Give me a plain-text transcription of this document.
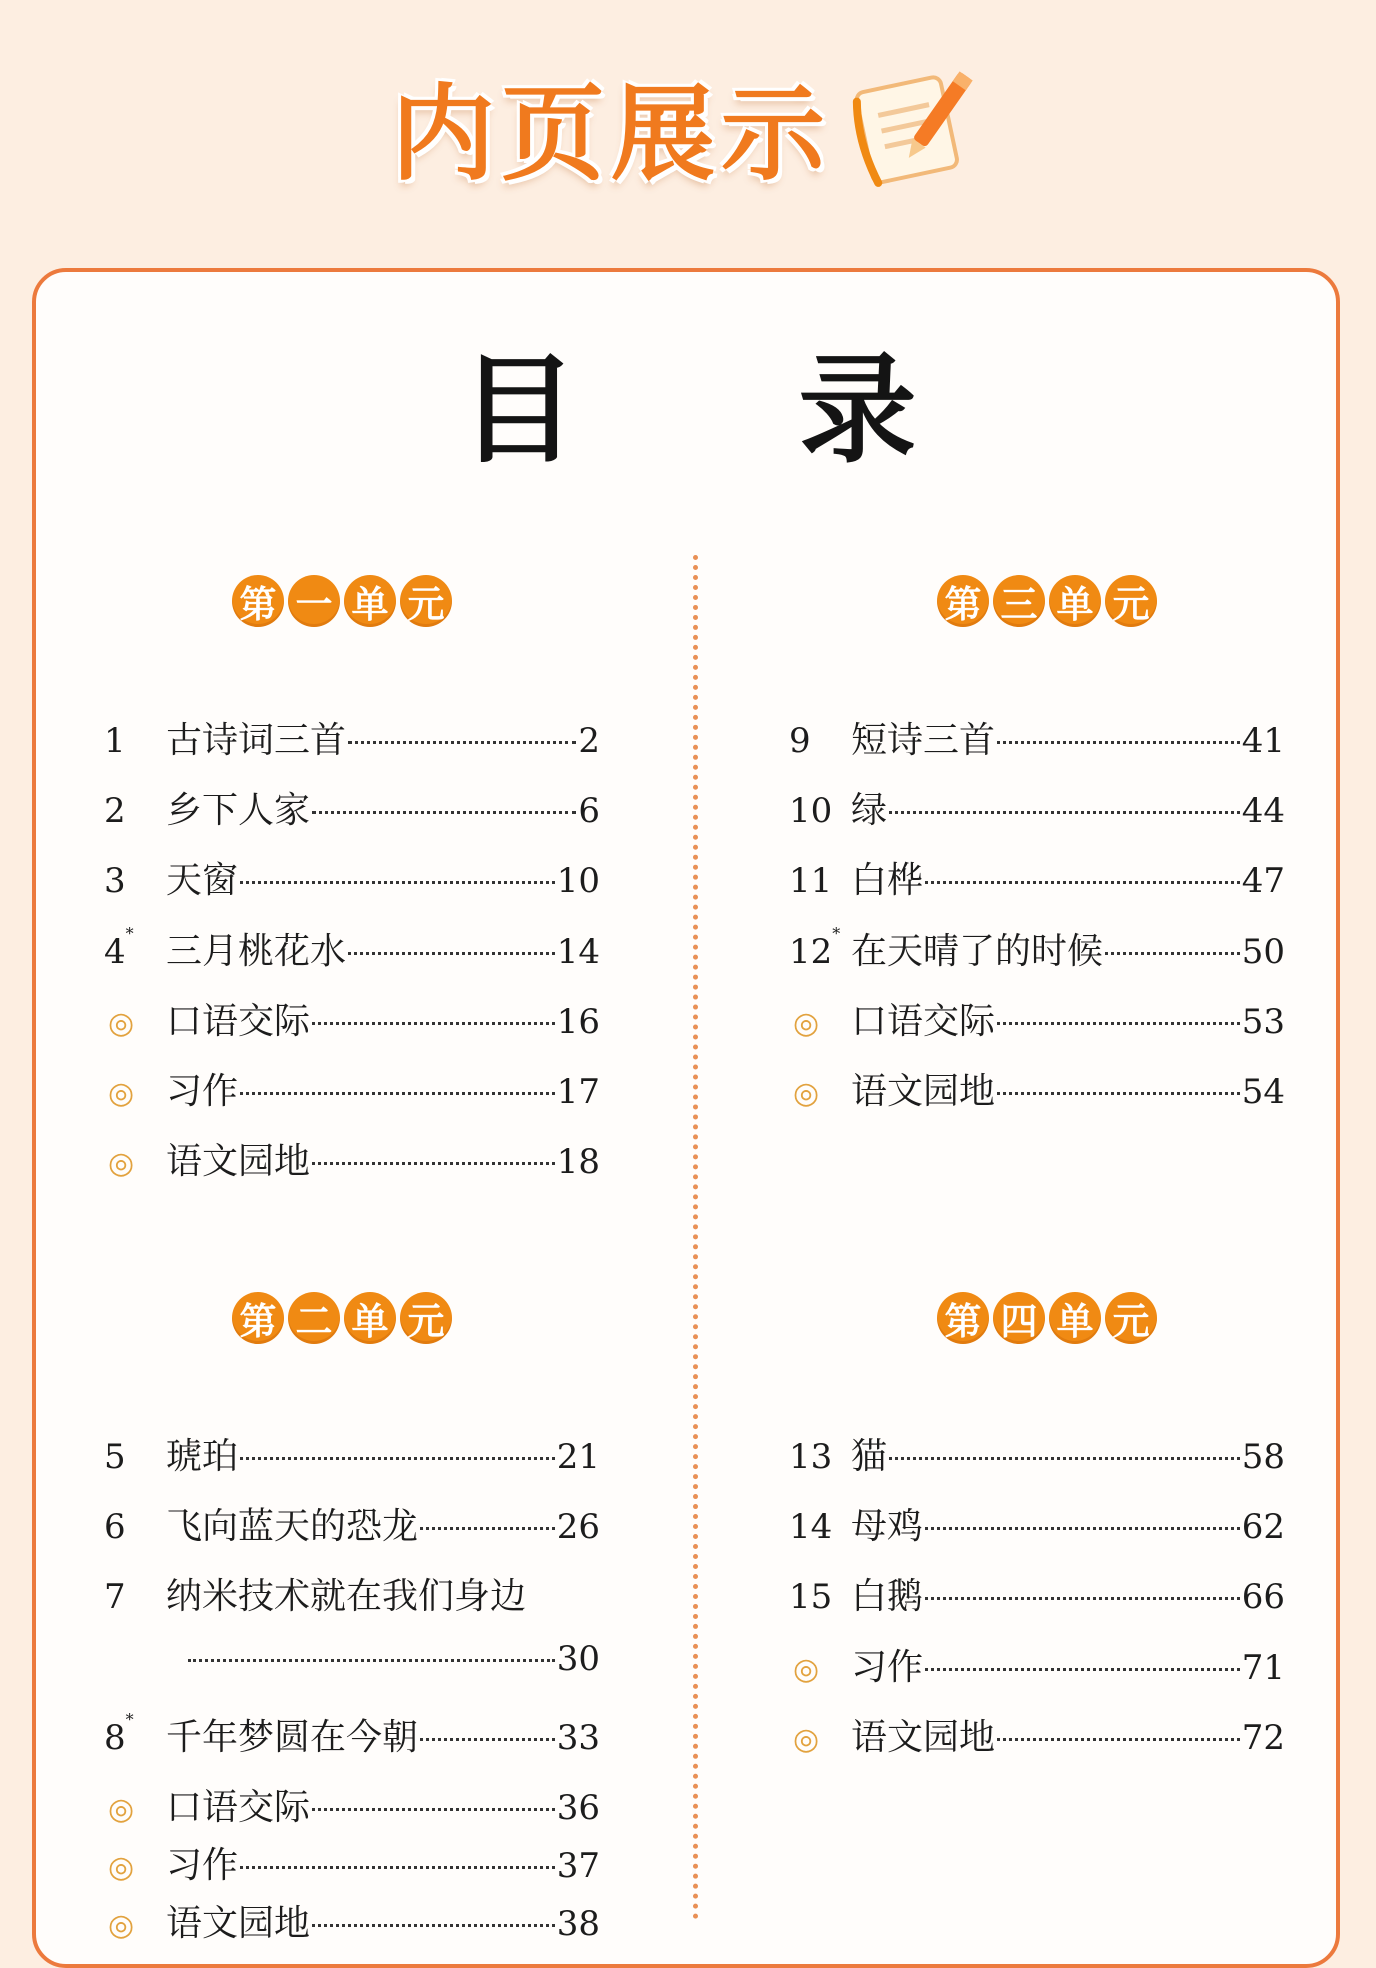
内页展示
目 录
第 一 单 元
1	古诗词三首	2
2	乡下人家	6
3	天窗	10
4 * 三月桃花水	14
◎ 口语交际	16
◎ 习作	17
◎ 语文园地	18
第 二 单 元
5	琥珀	21
6	飞向蓝天的恐龙	26
7	纳米技术就在我们身边
30
8 * 千年梦圆在今朝	33
◎ 口语交际	36
◎ 习作	37
◎ 语文园地	38
第 三 单 元
9	短诗三首	41
10 绿	44
11 白桦	47
12 * 在天晴了的时候	50
◎ 口语交际	53
◎ 语文园地	54
第 四 单 元
13 猫	58
14 母鸡	62
15 白鹅	66
◎ 习作	71
◎ 语文园地	72
